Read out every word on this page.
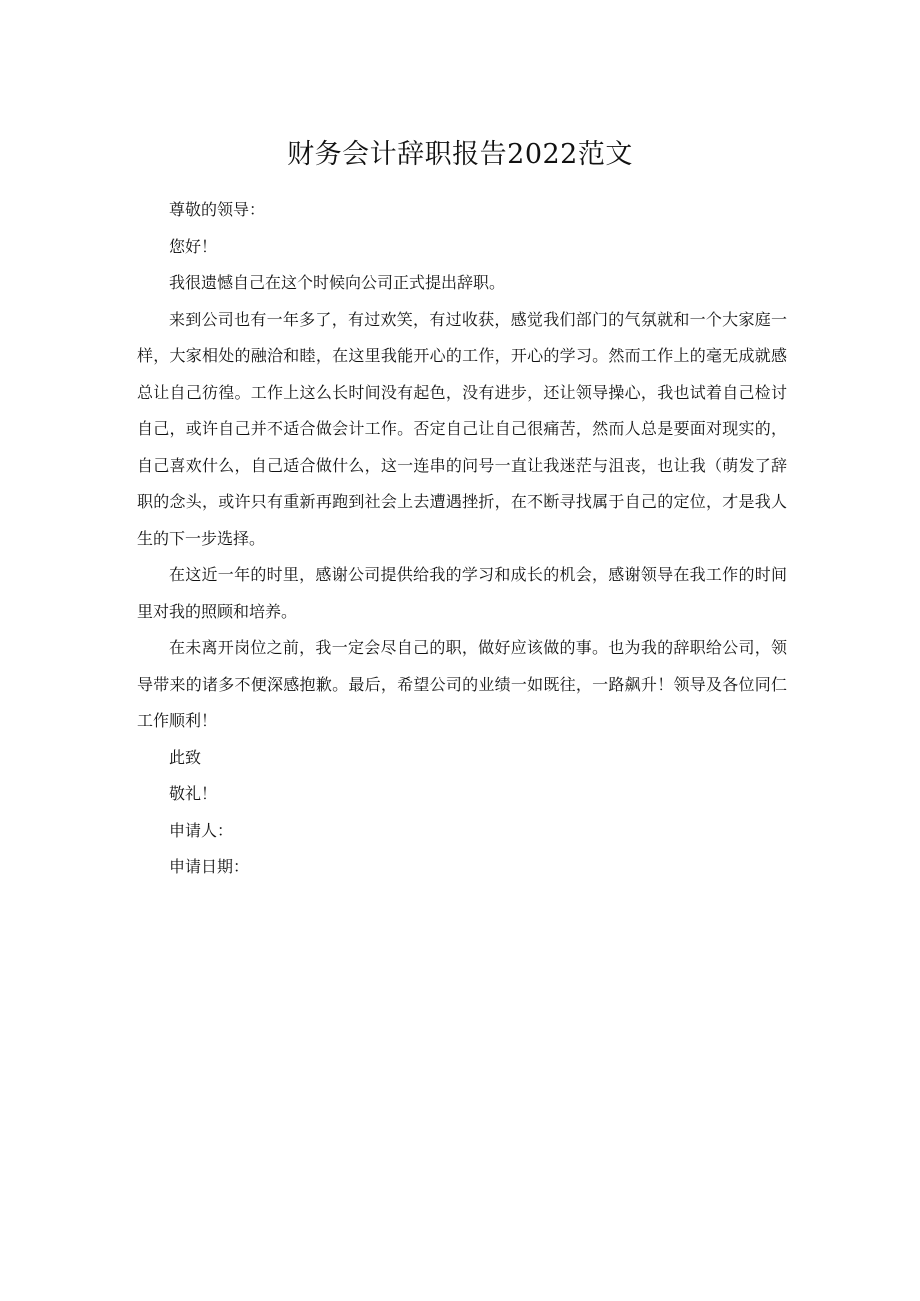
财务会计辞职报告2022范文

尊敬的领导：

您好！

我很遗憾自己在这个时候向公司正式提出辞职。

来到公司也有一年多了，有过欢笑，有过收获，感觉我们部门的气氛就和一个大家庭一样，大家相处的融洽和睦，在这里我能开心的工作，开心的学习。然而工作上的毫无成就感总让自己彷徨。工作上这么长时间没有起色，没有进步，还让领导操心，我也试着自己检讨自己，或许自己并不适合做会计工作。否定自己让自己很痛苦，然而人总是要面对现实的，自己喜欢什么，自己适合做什么，这一连串的问号一直让我迷茫与沮丧，也让我（萌发了辞职的念头，或许只有重新再跑到社会上去遭遇挫折，在不断寻找属于自己的定位，才是我人生的下一步选择。

在这近一年的时里，感谢公司提供给我的学习和成长的机会，感谢领导在我工作的时间里对我的照顾和培养。

在未离开岗位之前，我一定会尽自己的职，做好应该做的事。也为我的辞职给公司，领导带来的诸多不便深感抱歉。最后，希望公司的业绩一如既往，一路飙升！领导及各位同仁工作顺利！

此致

敬礼！

申请人：

申请日期：
